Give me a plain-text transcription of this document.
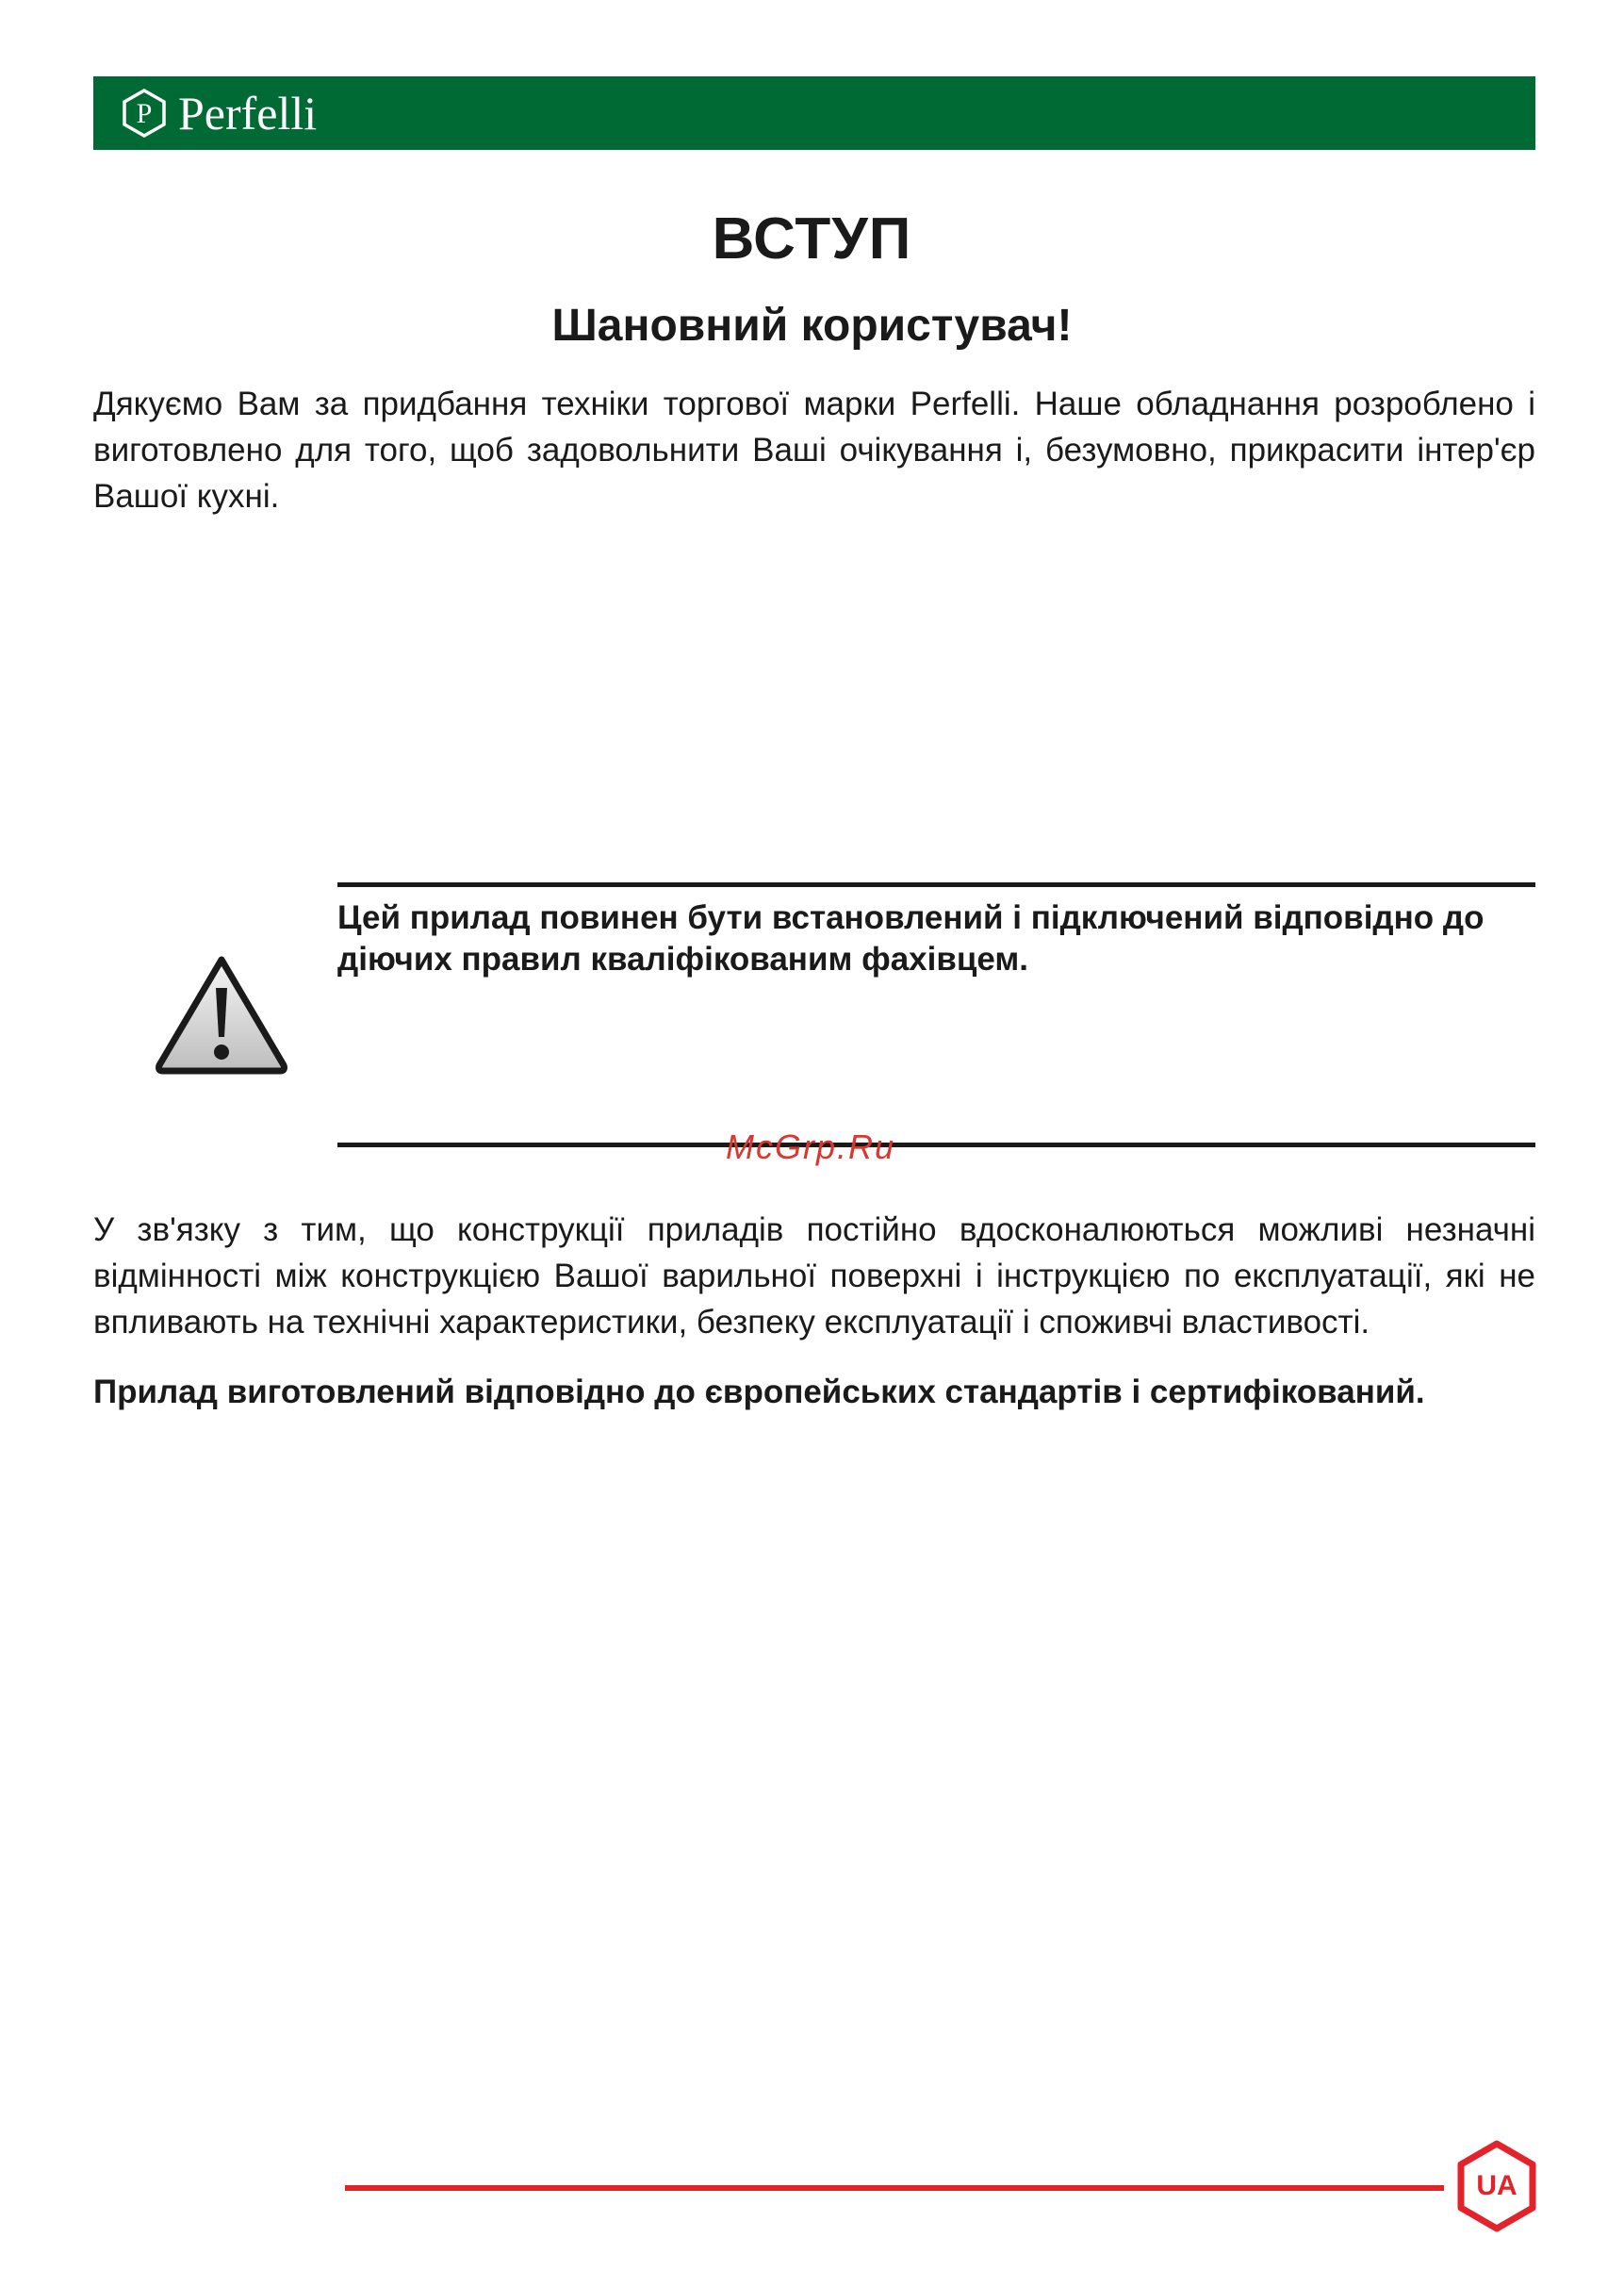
P Perfelli
ВСТУП
Шановний користувач!

Дякуємо Вам за придбання техніки торгової марки Perfelli. Наше обладнання розроблено і виготовлено для того, щоб задовольнити Ваші очікування і, безумовно, прикрасити інтер'єр Вашої кухні.

Цей прилад повинен бути встановлений і підключений відповідно до діючих правил кваліфікованим фахівцем.

McGrp.Ru

У зв'язку з тим, що конструкції приладів постійно вдосконалюються можливі незначні відмінності між конструкцією Вашої варильної поверхні і інструкцією по експлуатації, які не впливають на технічні характеристики, безпеку експлуатації і споживчі властивості.

Прилад виготовлений відповідно до європейських стандартів і сертифікований.

UA
